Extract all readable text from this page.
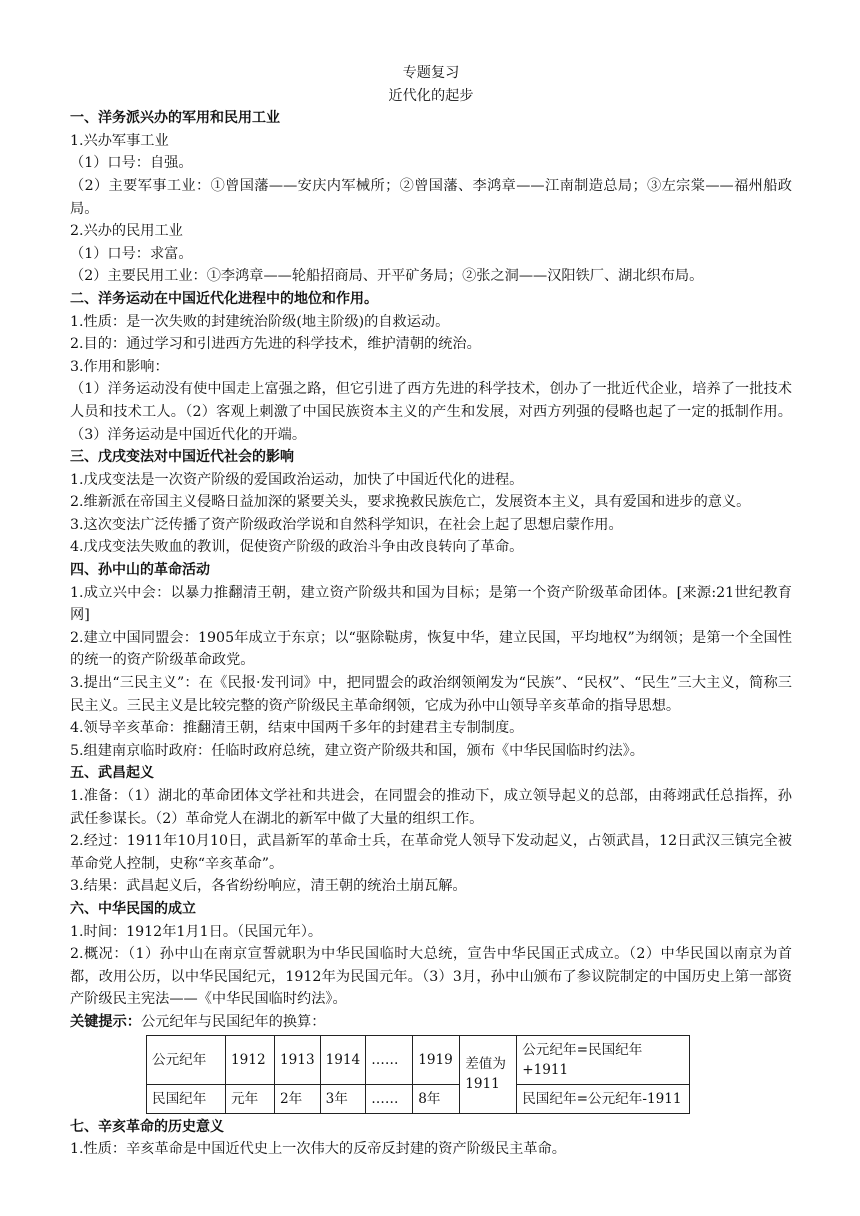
专题复习

近代化的起步

一、洋务派兴办的军用和民用工业

1.兴办军事工业

（1）口号：自强。

（2）主要军事工业：①曾国藩——安庆内军械所；②曾国藩、李鸿章——江南制造总局；③左宗棠——福州船政局。

2.兴办的民用工业

（1）口号：求富。

（2）主要民用工业：①李鸿章——轮船招商局、开平矿务局；②张之洞——汉阳铁厂、湖北织布局。

二、洋务运动在中国近代化进程中的地位和作用。

1.性质：是一次失败的封建统治阶级(地主阶级)的自救运动。

2.目的：通过学习和引进西方先进的科学技术，维护清朝的统治。

3.作用和影响：

（1）洋务运动没有使中国走上富强之路，但它引进了西方先进的科学技术，创办了一批近代企业，培养了一批技术人员和技术工人。（2）客观上刺激了中国民族资本主义的产生和发展，对西方列强的侵略也起了一定的抵制作用。（3）洋务运动是中国近代化的开端。

三、戊戌变法对中国近代社会的影响

1.戊戌变法是一次资产阶级的爱国政治运动，加快了中国近代化的进程。

2.维新派在帝国主义侵略日益加深的紧要关头，要求挽救民族危亡，发展资本主义，具有爱国和进步的意义。

3.这次变法广泛传播了资产阶级政治学说和自然科学知识，在社会上起了思想启蒙作用。

4.戊戌变法失败血的教训，促使资产阶级的政治斗争由改良转向了革命。

四、孙中山的革命活动

1.成立兴中会：以暴力推翻清王朝，建立资产阶级共和国为目标；是第一个资产阶级革命团体。[来源:21世纪教育网]

2.建立中国同盟会：1905年成立于东京；以“驱除鞑虏，恢复中华，建立民国，平均地权”为纲领；是第一个全国性的统一的资产阶级革命政党。

3.提出“三民主义”：在《民报·发刊词》中，把同盟会的政治纲领阐发为“民族”、“民权”、“民生”三大主义，简称三民主义。三民主义是比较完整的资产阶级民主革命纲领，它成为孙中山领导辛亥革命的指导思想。

4.领导辛亥革命：推翻清王朝，结束中国两千多年的封建君主专制制度。

5.组建南京临时政府：任临时政府总统，建立资产阶级共和国，颁布《中华民国临时约法》。

五、武昌起义

1.准备：（1）湖北的革命团体文学社和共进会，在同盟会的推动下，成立领导起义的总部，由蒋翊武任总指挥，孙武任参谋长。（2）革命党人在湖北的新军中做了大量的组织工作。

2.经过：1911年10月10日，武昌新军的革命士兵，在革命党人领导下发动起义，占领武昌，12日武汉三镇完全被革命党人控制，史称“辛亥革命”。

3.结果：武昌起义后，各省纷纷响应，清王朝的统治土崩瓦解。

六、中华民国的成立

1.时间：1912年1月1日。（民国元年）。

2.概况：（1）孙中山在南京宣誓就职为中华民国临时大总统，宣告中华民国正式成立。（2）中华民国以南京为首都，改用公历，以中华民国纪元，1912年为民国元年。（3）3月，孙中山颁布了参议院制定的中国历史上第一部资产阶级民主宪法——《中华民国临时约法》。

关键提示：公元纪年与民国纪年的换算：

公元纪年	1912	1913	1914	……	1919	差值为1911	公元纪年=民国纪年+1911
民国纪年	元年	2年	3年	……	8年		民国纪年=公元纪年-1911

七、辛亥革命的历史意义

1.性质：辛亥革命是中国近代史上一次伟大的反帝反封建的资产阶级民主革命。
